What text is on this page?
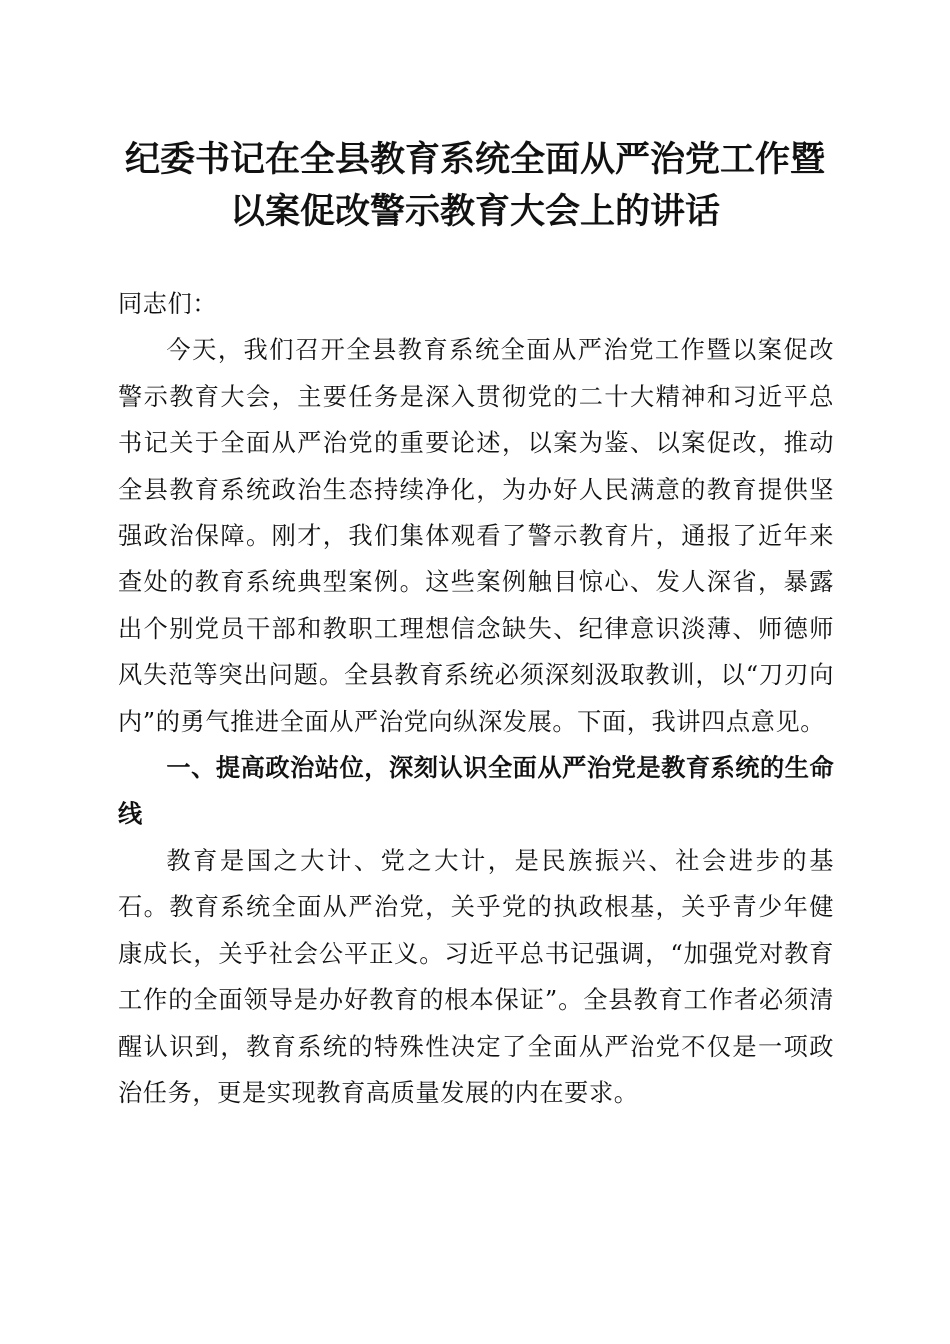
纪委书记在全县教育系统全面从严治党工作暨
以案促改警示教育大会上的讲话

同志们：

今天，我们召开全县教育系统全面从严治党工作暨以案促改警示教育大会，主要任务是深入贯彻党的二十大精神和习近平总书记关于全面从严治党的重要论述，以案为鉴、以案促改，推动全县教育系统政治生态持续净化，为办好人民满意的教育提供坚强政治保障。刚才，我们集体观看了警示教育片，通报了近年来查处的教育系统典型案例。这些案例触目惊心、发人深省，暴露出个别党员干部和教职工理想信念缺失、纪律意识淡薄、师德师风失范等突出问题。全县教育系统必须深刻汲取教训，以“刀刃向内”的勇气推进全面从严治党向纵深发展。下面，我讲四点意见。

一、提高政治站位，深刻认识全面从严治党是教育系统的生命线

教育是国之大计、党之大计，是民族振兴、社会进步的基石。教育系统全面从严治党，关乎党的执政根基，关乎青少年健康成长，关乎社会公平正义。习近平总书记强调，“加强党对教育工作的全面领导是办好教育的根本保证”。全县教育工作者必须清醒认识到，教育系统的特殊性决定了全面从严治党不仅是一项政治任务，更是实现教育高质量发展的内在要求。
